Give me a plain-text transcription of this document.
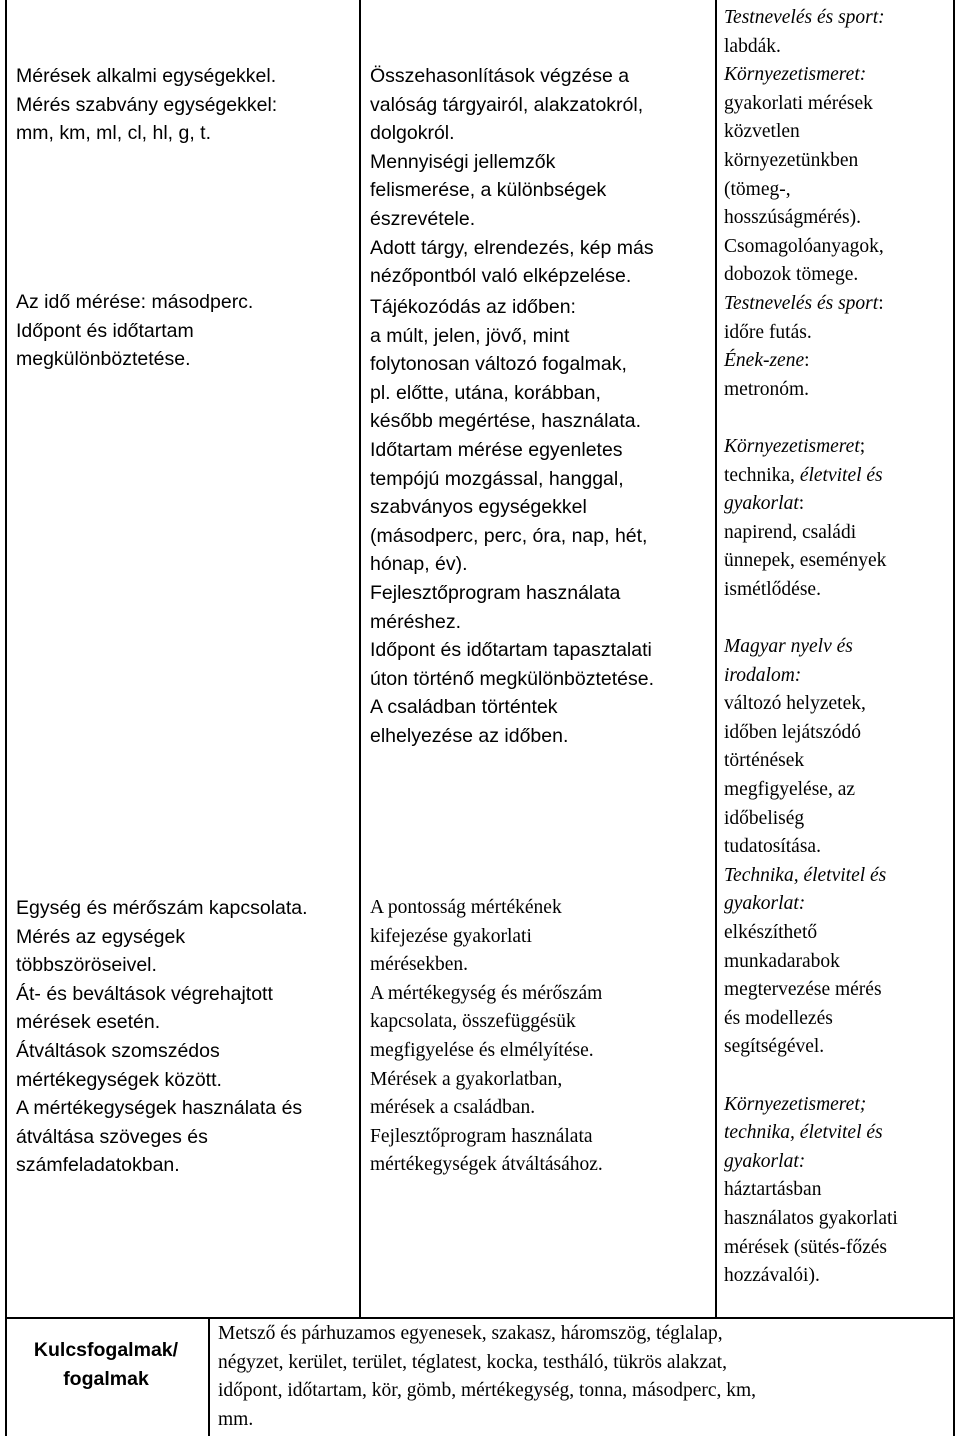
Mérések alkalmi egységekkel.
Mérés szabvány egységekkel:
mm, km, ml, cl, hl, g, t.
Az idő mérése: másodperc.
Időpont és időtartam
megkülönböztetése.
Egység és mérőszám kapcsolata.
Mérés az egységek
többszöröseivel.
Át- és beváltások végrehajtott
mérések esetén.
Átváltások szomszédos
mértékegységek között.
A mértékegységek használata és
átváltása szöveges és
számfeladatokban.
Összehasonlítások végzése a
valóság tárgyairól, alakzatokról,
dolgokról.
Mennyiségi jellemzők
felismerése, a különbségek
észrevétele.
Adott tárgy, elrendezés, kép más
nézőpontból való elképzelése.
Tájékozódás az időben:
a múlt, jelen, jövő, mint
folytonosan változó fogalmak,
pl. előtte, utána, korábban,
később megértése, használata.
Időtartam mérése egyenletes
tempójú mozgással, hanggal,
szabványos egységekkel
(másodperc, perc, óra, nap, hét,
hónap, év).
Fejlesztőprogram használata
méréshez.
Időpont és időtartam tapasztalati
úton történő megkülönböztetése.
A családban történtek
elhelyezése az időben.
A pontosság mértékének
kifejezése gyakorlati
mérésekben.
A mértékegység és mérőszám
kapcsolata, összefüggésük
megfigyelése és elmélyítése.
Mérések a gyakorlatban,
mérések a családban.
Fejlesztőprogram használata
mértékegységek átváltásához.
Testnevelés és sport:
labdák.
Környezetismeret:
gyakorlati mérések
közvetlen
környezetünkben
(tömeg-,
hosszúságmérés).
Csomagolóanyagok,
dobozok tömege.
Testnevelés és sport:
időre futás.
Ének-zene:
metronóm.
Környezetismeret;
technika, életvitel és
gyakorlat:
napirend, családi
ünnepek, események
ismétlődése.
Magyar nyelv és
irodalom:
változó helyzetek,
időben lejátszódó
történések
megfigyelése, az
időbeliség
tudatosítása.
Technika, életvitel és
gyakorlat:
elkészíthető
munkadarabok
megtervezése mérés
és modellezés
segítségével.
Környezetismeret;
technika, életvitel és
gyakorlat:
háztartásban
használatos gyakorlati
mérések (sütés-főzés
hozzávalói).
Kulcsfogalmak/
fogalmak
Metsző és párhuzamos egyenesek, szakasz, háromszög, téglalap,
négyzet, kerület, terület, téglatest, kocka, testháló, tükrös alakzat,
időpont, időtartam, kör, gömb, mértékegység, tonna, másodperc, km,
mm.
